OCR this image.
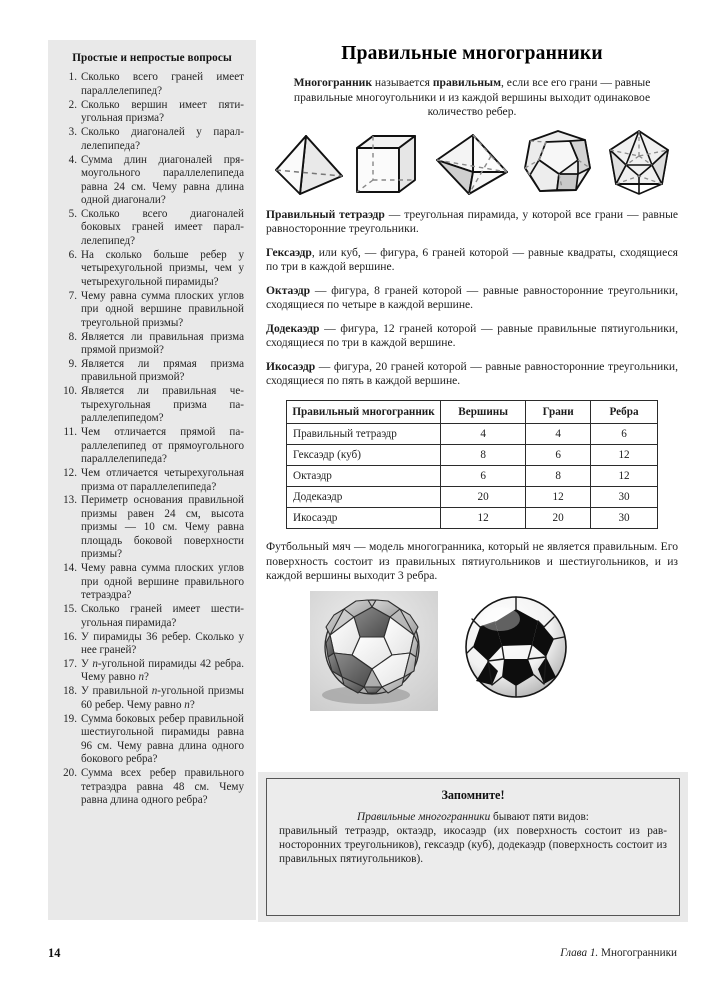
Простые и непростые вопросы
Сколько всего граней имеет параллелепипед?
Сколько вершин имеет пятиугольная призма?
Сколько диагоналей у параллелепипеда?
Сумма длин диагоналей прямоугольного параллелепипеда равна 24 см. Чему равна длина одной диагонали?
Сколько всего диагоналей боковых граней имеет параллелепипед?
На сколько больше ребер у четырехугольной призмы, чем у четырехугольной пирамиды?
Чему равна сумма плоских углов при одной вершине правильной треугольной призмы?
Является ли правильная призма прямой призмой?
Является ли прямая призма правильной призмой?
Является ли правильная четырехугольная призма параллелепипедом?
Чем отличается прямой параллелепипед от прямоугольного параллелепипеда?
Чем отличается четырехугольная призма от параллелепипеда?
Периметр основания правильной призмы равен 24 см, высота призмы — 10 см. Чему равна площадь боковой поверхности призмы?
Чему равна сумма плоских углов при одной вершине правильного тетраэдра?
Сколько граней имеет шестиугольная пирамида?
У пирамиды 36 ребер. Сколько у нее граней?
У n-угольной пирамиды 42 ребра. Чему равно n?
У правильной n-угольной призмы 60 ребер. Чему равно n?
Сумма боковых ребер правильной шестиугольной пирамиды равна 96 см. Чему равна длина одного бокового ребра?
Сумма всех ребер правильного тетраэдра равна 48 см. Чему равна длина одного ребра?
Правильные многогранники

Многогранник называется правильным, если все его грани — равные правильные многоугольники и из каждой вершины выходит одинаковое количество ребер.

Правильный тетраэдр — треугольная пирамида, у которой все грани — равные равносторонние треугольники.

Гексаэдр, или куб, — фигура, 6 граней которой — равные квадраты, сходящиеся по три в каждой вершине.

Октаэдр — фигура, 8 граней которой — равные равносторонние треугольники, сходящиеся по четыре в каждой вершине.

Додекаэдр — фигура, 12 граней которой — равные правильные пятиугольники, сходящиеся по три в каждой вершине.

Икосаэдр — фигура, 20 граней которой — равные равносторонние треугольники, сходящиеся по пять в каждой вершине.

Правильный многогранник	Вершины	Грани	Ребра
Правильный тетраэдр	4	4	6
Гексаэдр (куб)	8	6	12
Октаэдр	6	8	12
Додекаэдр	20	12	30
Икосаэдр	12	20	30

Футбольный мяч — модель многогранника, который не является правильным. Его поверхность состоит из правильных пятиугольников и шестиугольников, и из каждой вершины выходит 3 ребра.

Запомните!

Правильные многогранники бывают пяти видов:

правильный тетраэдр, октаэдр, икосаэдр (их поверхность состоит из равносторонних треугольников), гексаэдр (куб), додекаэдр (поверхность состоит из правильных пятиугольников).

14	Глава 1. Многогранники
